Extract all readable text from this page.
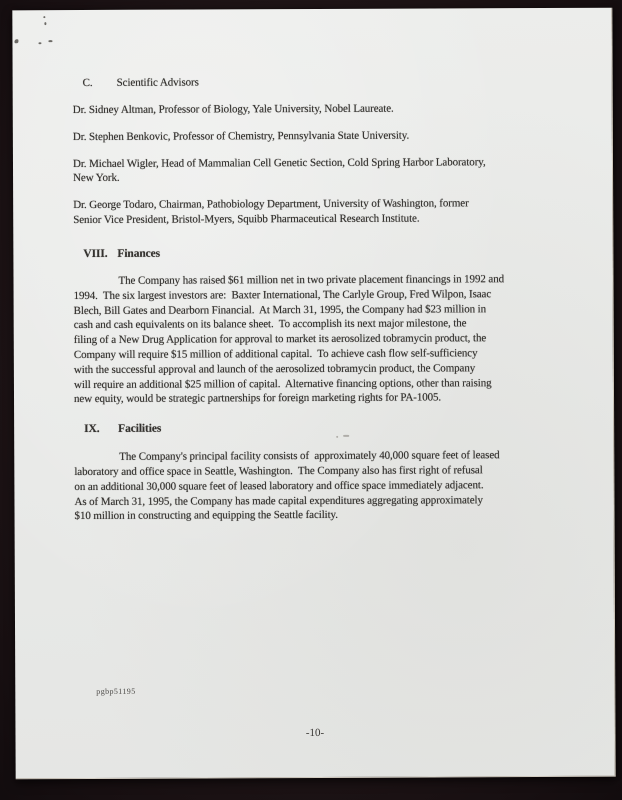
C.	Scientific Advisors
Dr. Sidney Altman, Professor of Biology, Yale University, Nobel Laureate.
Dr. Stephen Benkovic, Professor of Chemistry, Pennsylvania State University.
Dr. Michael Wigler, Head of Mammalian Cell Genetic Section, Cold Spring Harbor Laboratory,
New York.
Dr. George Todaro, Chairman, Pathobiology Department, University of Washington, former
Senior Vice President, Bristol-Myers, Squibb Pharmaceutical Research Institute.
VIII. Finances
The Company has raised $61 million net in two private placement financings in 1992 and
1994.  The six largest investors are:  Baxter International, The Carlyle Group, Fred Wilpon, Isaac
Blech, Bill Gates and Dearborn Financial.  At March 31, 1995, the Company had $23 million in
cash and cash equivalents on its balance sheet.  To accomplish its next major milestone, the
filing of a New Drug Application for approval to market its aerosolized tobramycin product, the
Company will require $15 million of additional capital.  To achieve cash flow self-sufficiency
with the successful approval and launch of the aerosolized tobramycin product, the Company
will require an additional $25 million of capital.  Alternative financing options, other than raising
new equity, would be strategic partnerships for foreign marketing rights for PA-1005.
IX.	Facilities
The Company's principal facility consists of  approximately 40,000 square feet of leased
laboratory and office space in Seattle, Washington.  The Company also has first right of refusal
on an additional 30,000 square feet of leased laboratory and office space immediately adjacent.
As of March 31, 1995, the Company has made capital expenditures aggregating approximately
$10 million in constructing and equipping the Seattle facility.
pgbp51195
-10-
